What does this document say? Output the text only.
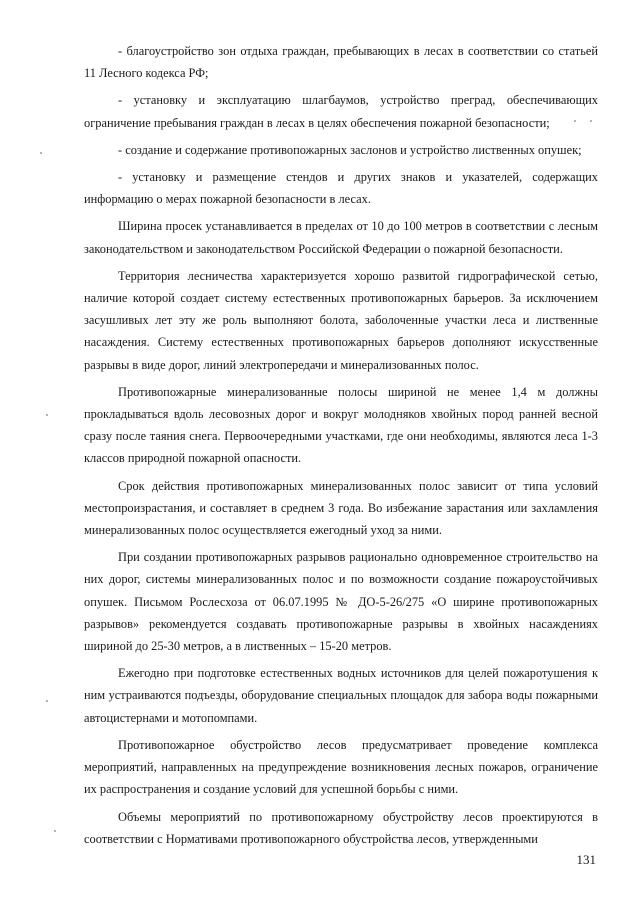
- благоустройство зон отдыха граждан, пребывающих в лесах в соответствии со статьей 11 Лесного кодекса РФ;

- установку и эксплуатацию шлагбаумов, устройство преград, обеспечивающих ограничение пребывания граждан в лесах в целях обеспечения пожарной безопасности;

- создание и содержание противопожарных заслонов и устройство лиственных опушек;

- установку и размещение стендов и других знаков и указателей, содержащих информацию о мерах пожарной безопасности в лесах.

Ширина просек устанавливается в пределах от 10 до 100 метров в соответствии с лесным законодательством и законодательством Российской Федерации о пожарной безопасности.

Территория лесничества характеризуется хорошо развитой гидрографической сетью, наличие которой создает систему естественных противопожарных барьеров. За исключением засушливых лет эту же роль выполняют болота, заболоченные участки леса и лиственные насаждения. Систему естественных противопожарных барьеров дополняют искусственные разрывы в виде дорог, линий электропередачи и минерализованных полос.

Противопожарные минерализованные полосы шириной не менее 1,4 м должны прокладываться вдоль лесовозных дорог и вокруг молодняков хвойных пород ранней весной сразу после таяния снега. Первоочередными участками, где они необходимы, являются леса 1-3 классов природной пожарной опасности.

Срок действия противопожарных минерализованных полос зависит от типа условий местопроизрастания, и составляет в среднем 3 года. Во избежание зарастания или захламления минерализованных полос осуществляется ежегодный уход за ними.

При создании противопожарных разрывов рационально одновременное строительство на них дорог, системы минерализованных полос и по возможности создание пожароустойчивых опушек. Письмом Рослесхоза от 06.07.1995 № ДО-5-26/275 «О ширине противопожарных разрывов» рекомендуется создавать противопожарные разрывы в хвойных насаждениях шириной до 25-30 метров, а в лиственных – 15-20 метров.

Ежегодно при подготовке естественных водных источников для целей пожаротушения к ним устраиваются подъезды, оборудование специальных площадок для забора воды пожарными автоцистернами и мотопомпами.

Противопожарное обустройство лесов предусматривает проведение комплекса мероприятий, направленных на предупреждение возникновения лесных пожаров, ограничение их распространения и создание условий для успешной борьбы с ними.

Объемы мероприятий по противопожарному обустройству лесов проектируются в соответствии с Нормативами противопожарного обустройства лесов, утвержденными

131
